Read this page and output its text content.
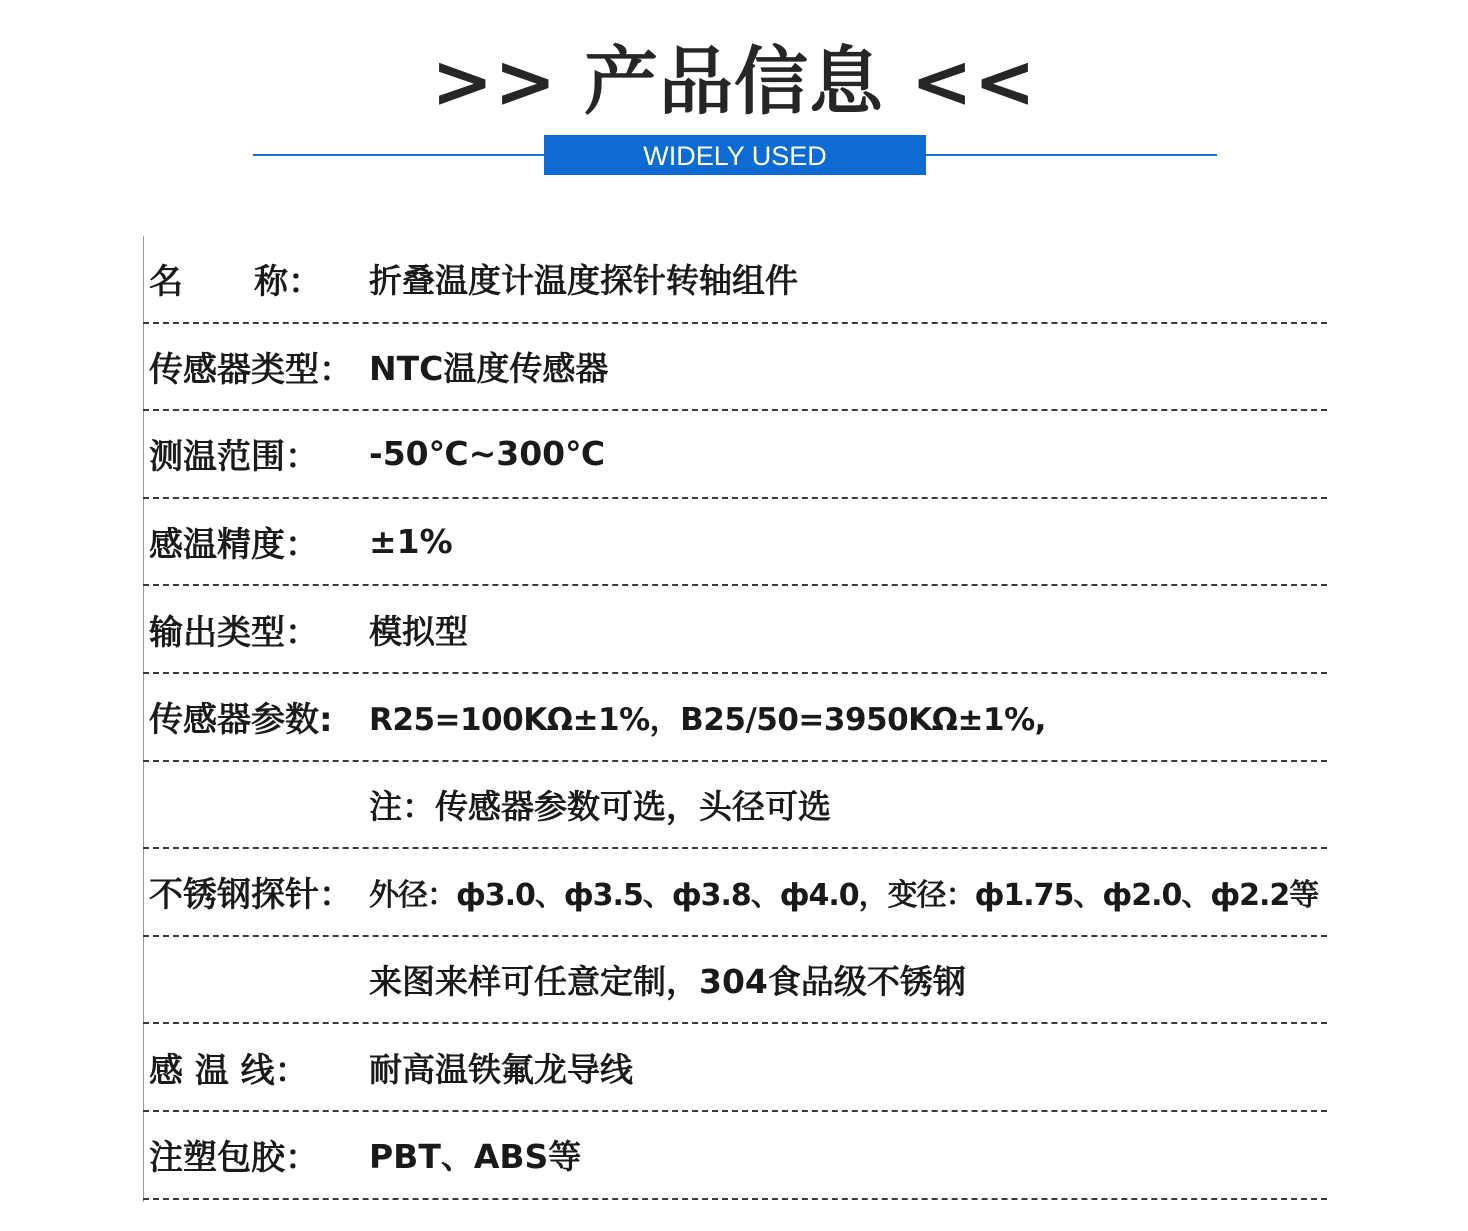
>> 产品信息 <<
WIDELY USED
名      称： 折叠温度计温度探针转轴组件
传感器类型： NTC温度传感器
测温范围： -50℃~300℃
感温精度： ±1%
输出类型： 模拟型
传感器参数: R25=100KΩ±1%，B25/50=3950KΩ±1%,
注：传感器参数可选，头径可选
不锈钢探针： 外径：ф3.0、ф3.5、ф3.8、ф4.0，变径：ф1.75、ф2.0、ф2.2等
来图来样可任意定制，304食品级不锈钢
感 温 线： 耐高温铁氟龙导线
注塑包胶： PBT、ABS等
